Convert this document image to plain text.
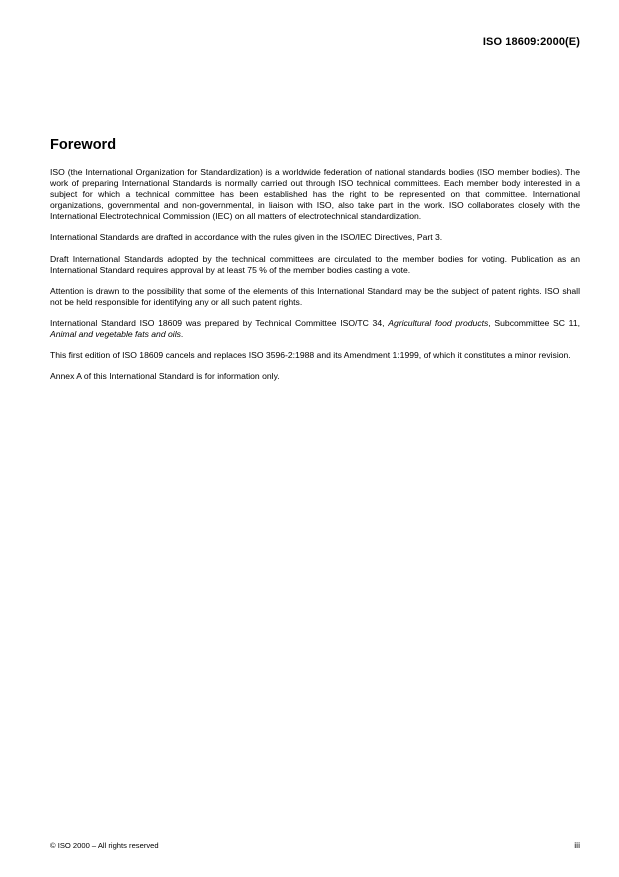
ISO 18609:2000(E)
Foreword

ISO (the International Organization for Standardization) is a worldwide federation of national standards bodies (ISO member bodies). The work of preparing International Standards is normally carried out through ISO technical committees. Each member body interested in a subject for which a technical committee has been established has the right to be represented on that committee. International organizations, governmental and non-governmental, in liaison with ISO, also take part in the work. ISO collaborates closely with the International Electrotechnical Commission (IEC) on all matters of electrotechnical standardization.

International Standards are drafted in accordance with the rules given in the ISO/IEC Directives, Part 3.

Draft International Standards adopted by the technical committees are circulated to the member bodies for voting. Publication as an International Standard requires approval by at least 75 % of the member bodies casting a vote.

Attention is drawn to the possibility that some of the elements of this International Standard may be the subject of patent rights. ISO shall not be held responsible for identifying any or all such patent rights.

International Standard ISO 18609 was prepared by Technical Committee ISO/TC 34, Agricultural food products, Subcommittee SC 11, Animal and vegetable fats and oils.

This first edition of ISO 18609 cancels and replaces ISO 3596-2:1988 and its Amendment 1:1999, of which it constitutes a minor revision.

Annex A of this International Standard is for information only.

© ISO 2000 – All rights reserved	iii
